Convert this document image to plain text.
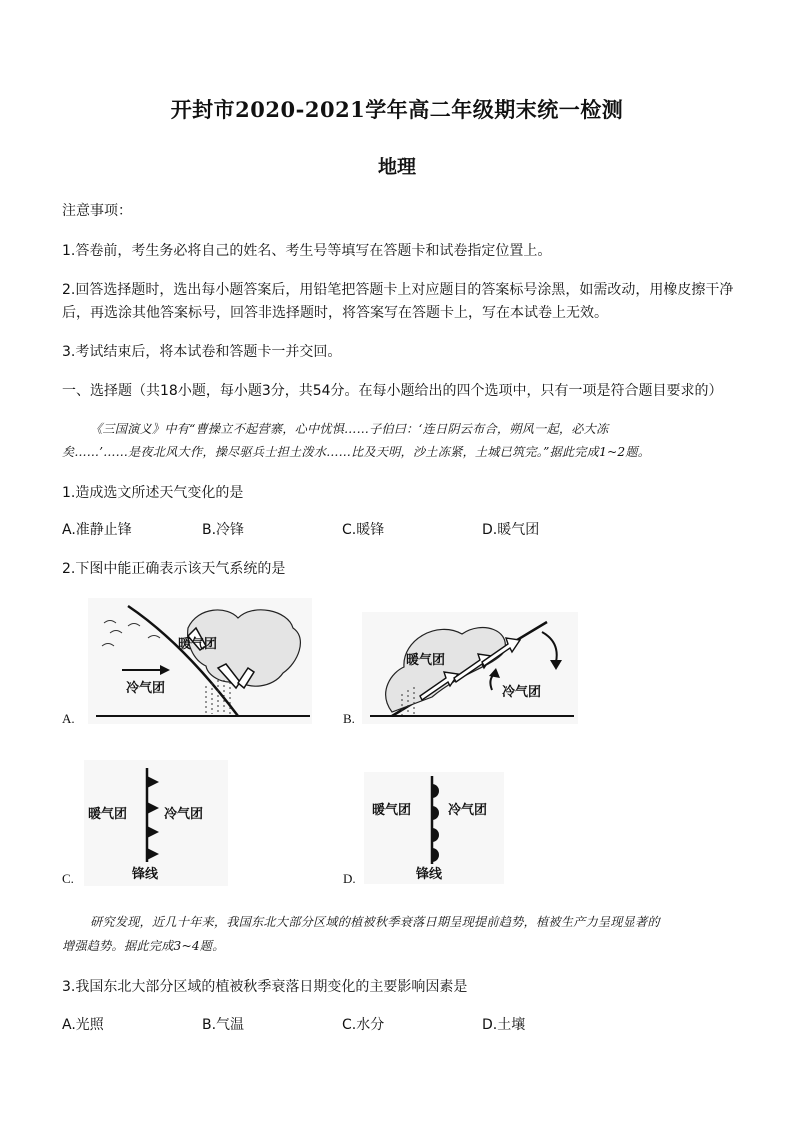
开封市2020-2021学年高二年级期末统一检测
地理
注意事项：
1.答卷前，考生务必将自己的姓名、考生号等填写在答题卡和试卷指定位置上。
2.回答选择题时，选出每小题答案后，用铅笔把答题卡上对应题目的答案标号涂黑，如需改动，用橡皮擦干净
后，再选涂其他答案标号，回答非选择题时，将答案写在答题卡上，写在本试卷上无效。
3.考试结束后，将本试卷和答题卡一并交回。
一、选择题（共18小题，每小题3分，共54分。在每小题给出的四个选项中，只有一项是符合题目要求的）
《三国演义》中有“曹操立不起营寨，心中忧惧……子伯曰：‘连日阴云布合，朔风一起，必大冻
矣……’……是夜北风大作，操尽驱兵士担土泼水……比及天明，沙土冻紧，土城已筑完。”据此完成1~2题。
1.造成选文所述天气变化的是
A.准静止锋	B.冷锋	C.暖锋	D.暖气团
2.下图中能正确表示该天气系统的是
A.
暖气团
冷气团
B.
暖气团
冷气团
C.
暖气团	冷气团
锋线	D.
暖气团	冷气团
锋线
研究发现，近几十年来，我国东北大部分区域的植被秋季衰落日期呈现提前趋势，植被生产力呈现显著的
增强趋势。据此完成3~4题。
3.我国东北大部分区域的植被秋季衰落日期变化的主要影响因素是
A.光照	B.气温	C.水分	D.土壤
